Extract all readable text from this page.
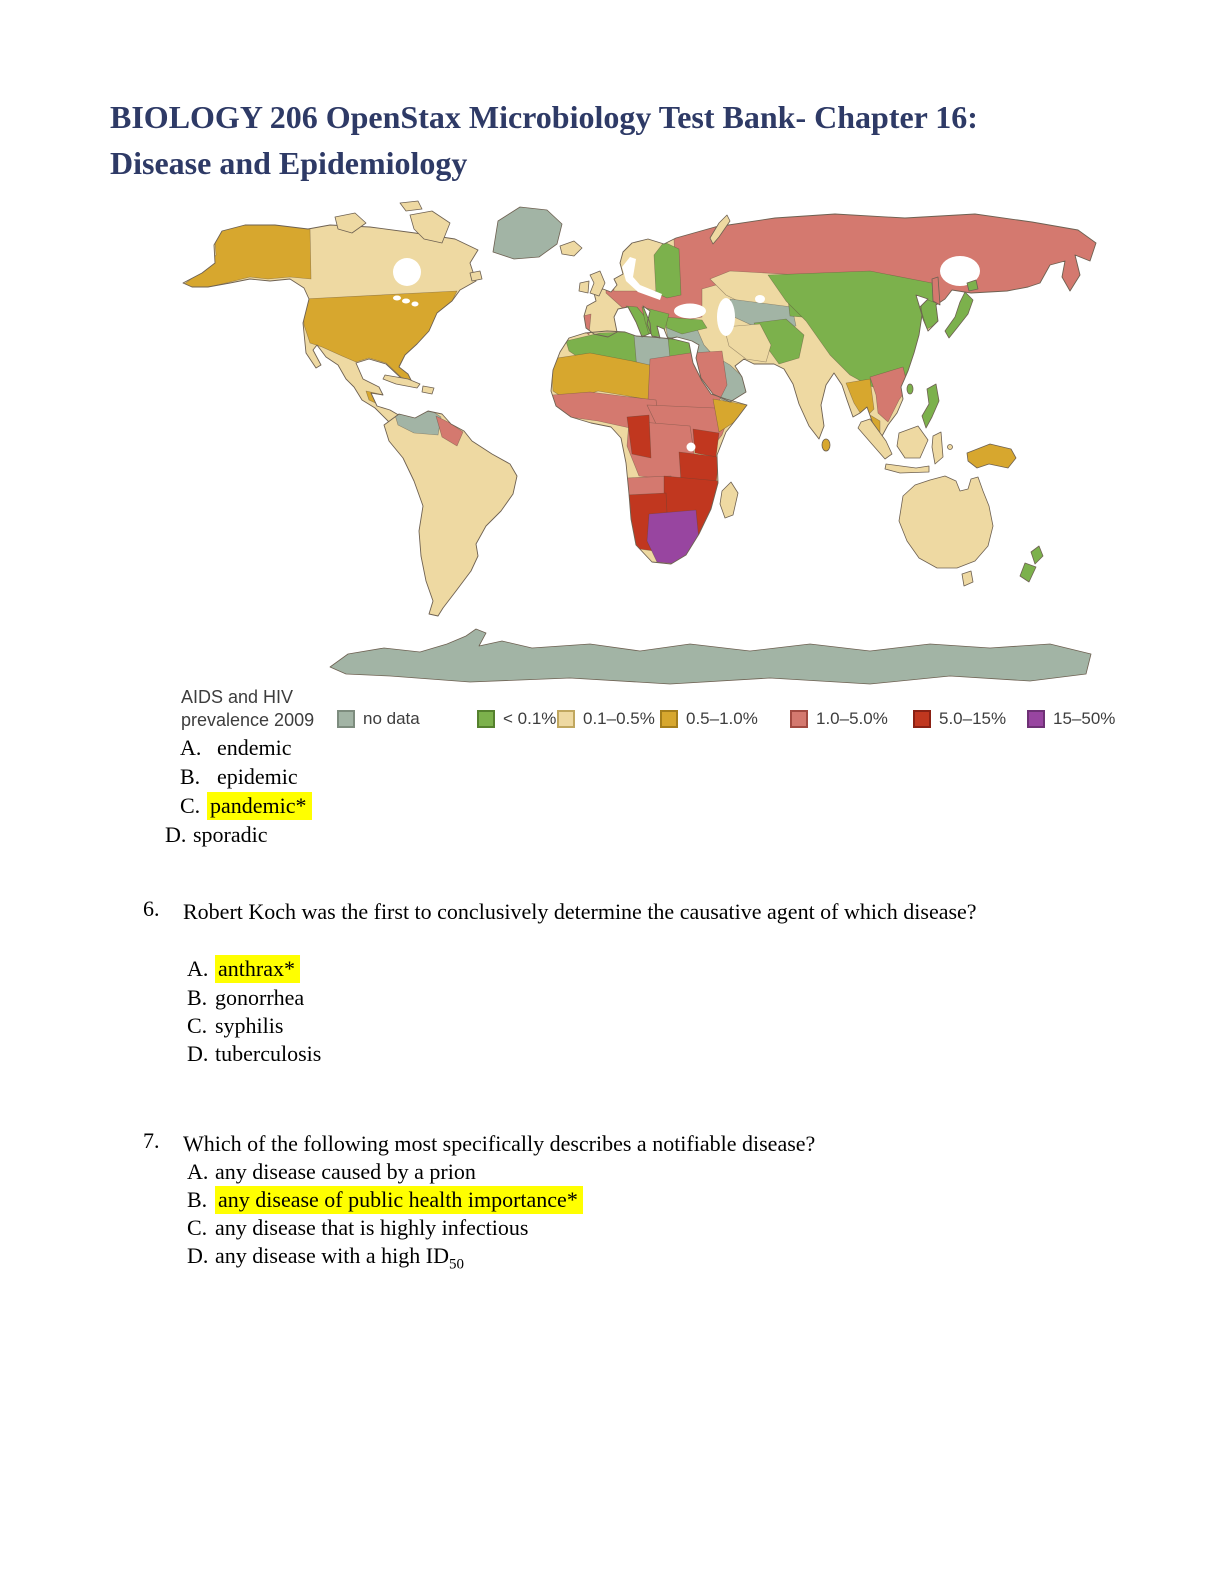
BIOLOGY 206 OpenStax Microbiology Test Bank- Chapter 16:
Disease and Epidemiology
AIDS and HIV
prevalence 2009	no data	< 0.1% 0.1–0.5% 0.5–1.0%	1.0–5.0%	5.0–15%	15–50%
A. endemic
B. epidemic
C. pandemic*
D. sporadic
6.	Robert Koch was the first to conclusively determine the causative agent of which disease?
A. anthrax*
B. gonorrhea
C. syphilis
D. tuberculosis
7.	Which of the following most specifically describes a notifiable disease?
A. any disease caused by a prion
B. any disease of public health importance*
C. any disease that is highly infectious
D. any disease with a high $ID_{50}$
